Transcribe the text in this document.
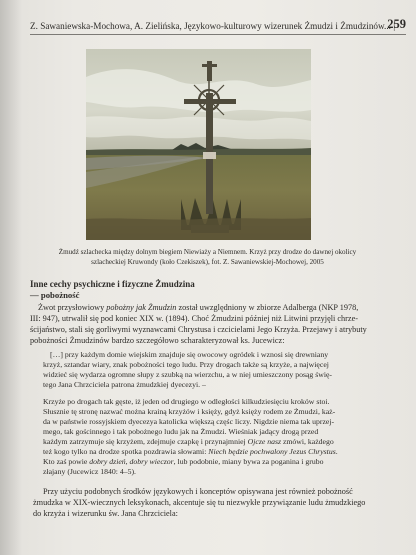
Z. Sawaniewska-Mochowa, A. Zielińska, Językowo-kulturowy wizerunek Żmudzi i Żmudzinów... |
259
Żmudź szlachecka między dolnym biegiem Niewiaży a Niemnem. Krzyż przy drodze do dawnej okolicy
szlacheckiej Kruwondy (koło Czekiszek), fot. Z. Sawaniewskiej-Mochowej, 2005
Inne cechy psychiczne i fizyczne Żmudzina
— pobożność
Żwot przysłowiowy pobożny jak Żmudzin został uwzględniony w zbiorze Adalberga (NKP 1978,
III: 947), utrwalił się pod koniec XIX w. (1894). Choć Żmudzini później niż Litwini przyjęli chrze-
ścijaństwo, stali się gorliwymi wyznawcami Chrystusa i czcicielami Jego Krzyża. Przejawy i atrybuty
pobożności Żmudzinów bardzo szczegółowo scharakteryzował ks. Jucewicz:
[…] przy każdym domie wiejskim znajduje się owocowy ogródek i wznosi się drewniany
krzyż, sztandar wiary, znak pobożności tego ludu. Przy drogach także są krzyże, a najwięcej
widzieć się wydarza ogromne słupy z szubką na wierzchu, a w niej umieszczony posąg świę-
tego Jana Chrzciciela patrona żmudzkiej dyecezyi. –
Krzyże po drogach tak gęste, iż jeden od drugiego w odległości kilkudziesięciu kroków stoi.
Słusznie tę stronę nazwać można krainą krzyżów i księży, gdyż księży rodem ze Żmudzi, każ-
da w państwie rossyjskiem dyecezya katolicka większą częśc liczy. Nigdzie niema tak uprzej-
mego, tak gościnnego i tak pobożnego ludu jak na Żmudzi. Wieśniak jadący drogą przed
każdym zatrzymuje się krzyżem, zdejmuje czapkę i przynajmniej Ojcze nasz zmówi, każdego
też kogo tylko na drodze spotka pozdrawia słowami: Niech będzie pochwalony Jezus Chrystus.
Kto zaś powie dobry dzień, dobry wieczor, lub podobnie, miany bywa za poganina i grubo
złajany (Jucewicz 1840: 4–5).
Przy użyciu podobnych środków językowych i konceptów opisywana jest również pobożność
żmudzka w XIX-wiecznych leksykonach, akcentuje się tu niezwykłe przywiązanie ludu żmudzkiego
do krzyża i wizerunku św. Jana Chrzciciela:
